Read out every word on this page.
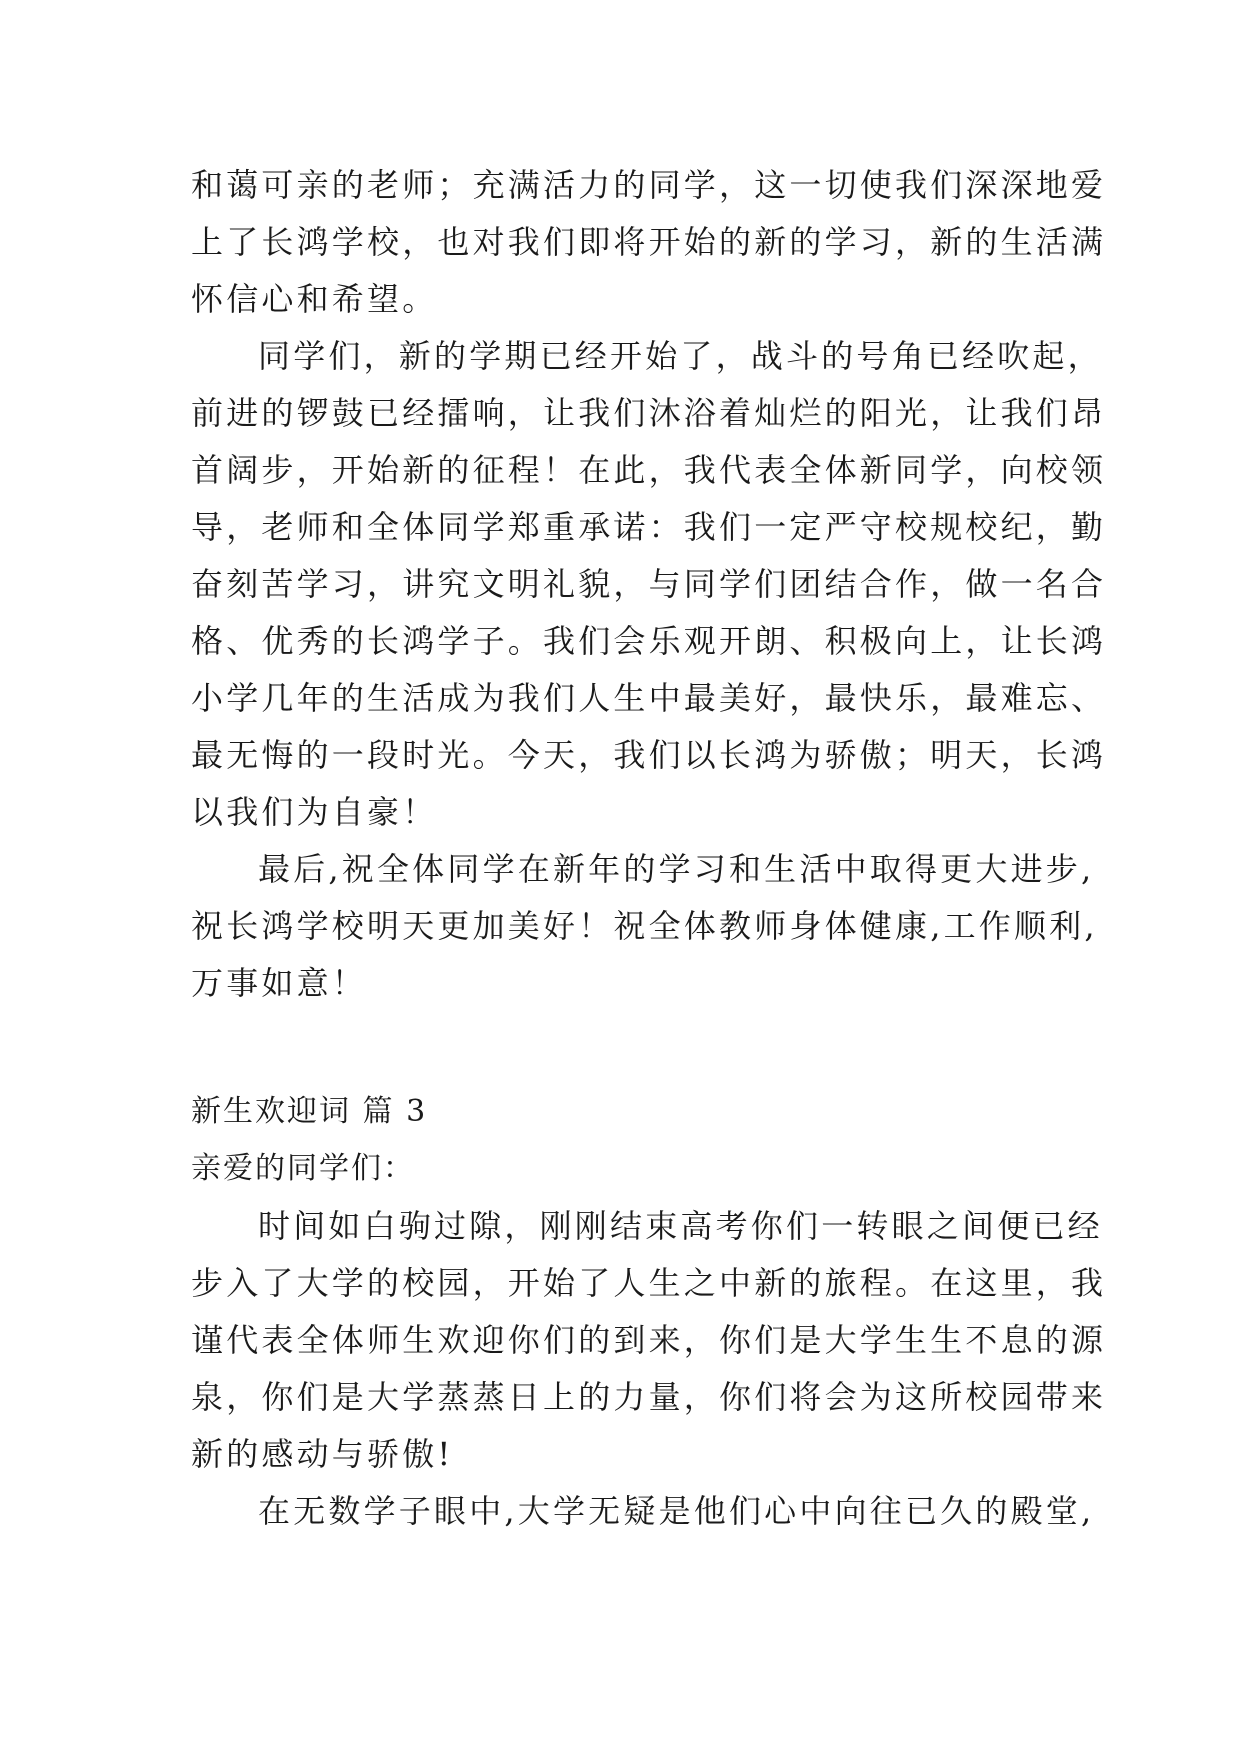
和蔼可亲的老师；充满活力的同学，这一切使我们深深地爱
上了长鸿学校，也对我们即将开始的新的学习，新的生活满
怀信心和希望。
同学们，新的学期已经开始了，战斗的号角已经吹起，
前进的锣鼓已经擂响，让我们沐浴着灿烂的阳光，让我们昂
首阔步，开始新的征程！在此，我代表全体新同学，向校领
导，老师和全体同学郑重承诺：我们一定严守校规校纪，勤
奋刻苦学习，讲究文明礼貌，与同学们团结合作，做一名合
格、优秀的长鸿学子。我们会乐观开朗、积极向上，让长鸿
小学几年的生活成为我们人生中最美好，最快乐，最难忘、
最无悔的一段时光。今天，我们以长鸿为骄傲；明天，长鸿
以我们为自豪！
最后,祝全体同学在新年的学习和生活中取得更大进步,
祝长鸿学校明天更加美好！祝全体教师身体健康,工作顺利,
万事如意！
新生欢迎词 篇 3
亲爱的同学们：
时间如白驹过隙，刚刚结束高考你们一转眼之间便已经
步入了大学的校园，开始了人生之中新的旅程。在这里，我
谨代表全体师生欢迎你们的到来，你们是大学生生不息的源
泉，你们是大学蒸蒸日上的力量，你们将会为这所校园带来
新的感动与骄傲!
在无数学子眼中,大学无疑是他们心中向往已久的殿堂,
